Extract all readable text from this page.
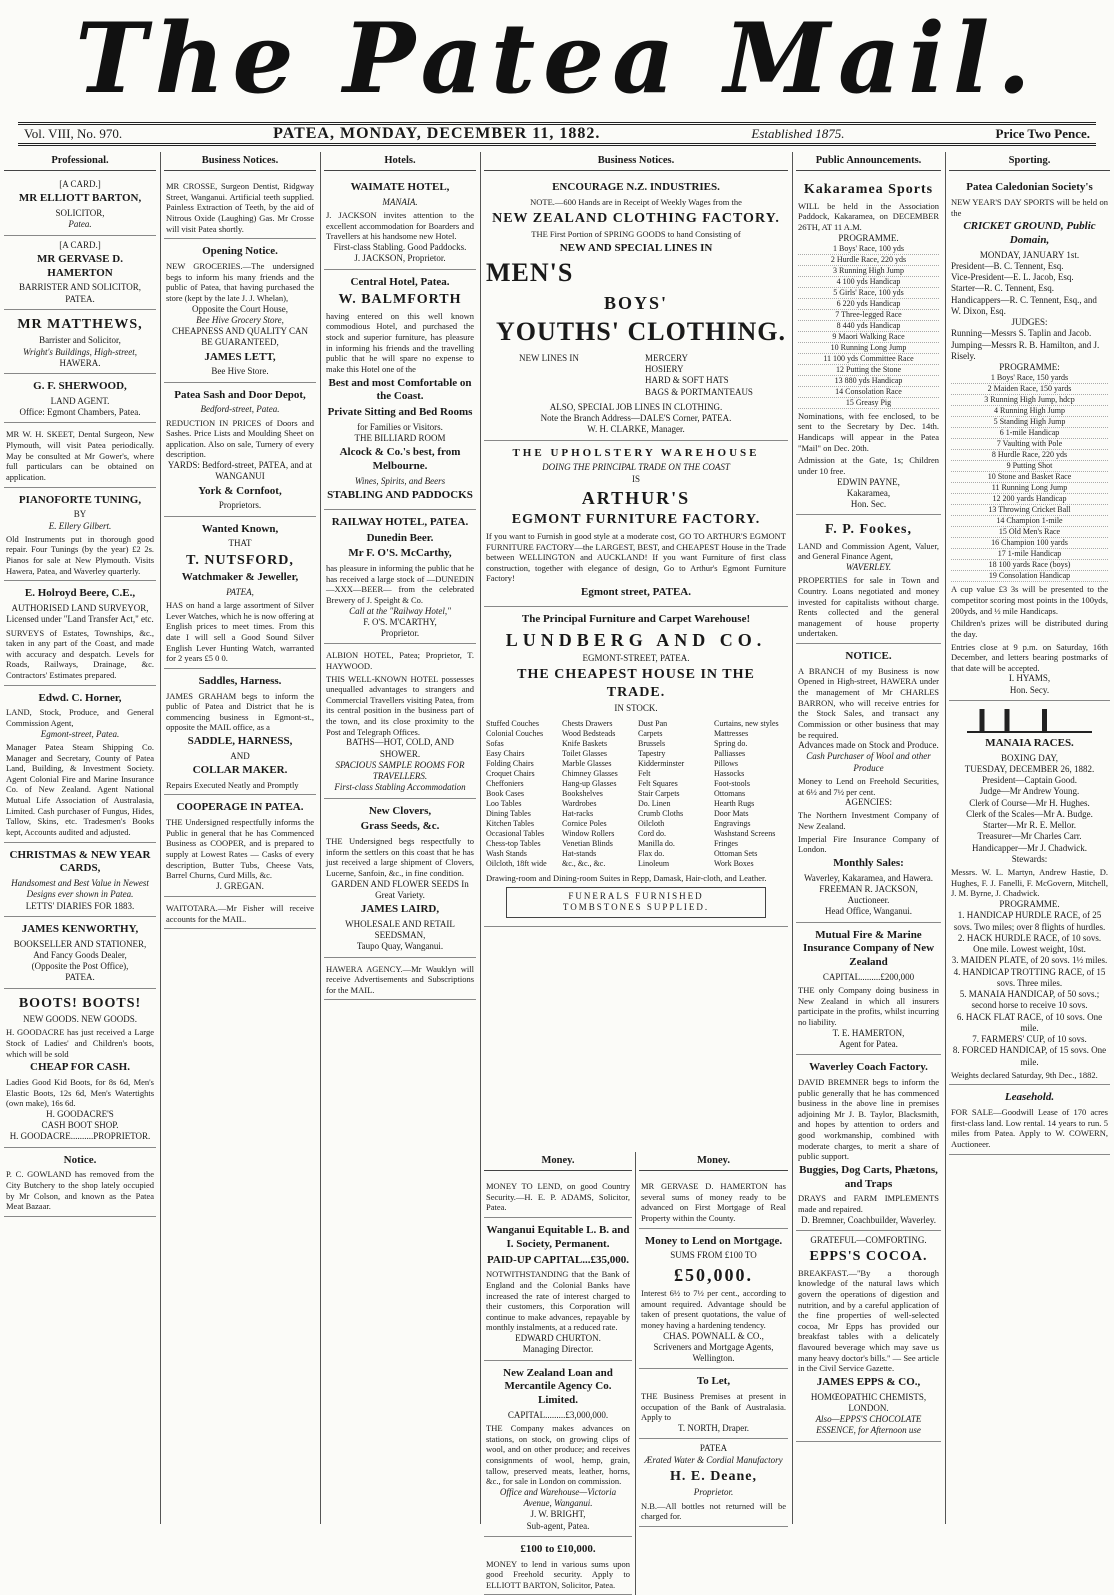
The Patea Mail.
Vol. VIII, No. 970.	PATEA, MONDAY, DECEMBER 11, 1882.	Established 1875.	Price Two Pence.
Professional.
[A CARD.]
MR ELLIOTT BARTON,
SOLICITOR,
Patea.
[A CARD.]
MR GERVASE D. HAMERTON
BARRISTER AND SOLICITOR,
PATEA.
MR MATTHEWS,
Barrister and Solicitor,
Wright's Buildings, High-street,
HAWERA.
G. F. SHERWOOD,
LAND AGENT.
Office: Egmont Chambers, Patea.
MR W. H. SKEET, Dental Surgeon, New Plymouth, will visit Patea periodically. May be consulted at Mr Gower's, where full particulars can be obtained on application.
PIANOFORTE TUNING,
BY
E. Ellery Gilbert.
Old Instruments put in thorough good repair. Four Tunings (by the year) £2 2s. Pianos for sale at New Plymouth. Visits Hawera, Patea, and Waverley quarterly.
E. Holroyd Beere, C.E.,
AUTHORISED LAND SURVEYOR,
Licensed under "Land Transfer Act," etc.
SURVEYS of Estates, Townships, &c., taken in any part of the Coast, and made with accuracy and despatch. Levels for Roads, Railways, Drainage, &c. Contractors' Estimates prepared.
Edwd. C. Horner,
LAND, Stock, Produce, and General Commission Agent,
Egmont-street, Patea.
Manager Patea Steam Shipping Co. Manager and Secretary, County of Patea Land, Building, & Investment Society. Agent Colonial Fire and Marine Insurance Co. of New Zealand. Agent National Mutual Life Association of Australasia, Limited. Cash purchaser of Fungus, Hides, Tallow, Skins, etc. Tradesmen's Books kept, Accounts audited and adjusted.
CHRISTMAS & NEW YEAR CARDS,
Handsomest and Best Value in Newest Designs ever shown in Patea.
LETTS' DIARIES FOR 1883.
JAMES KENWORTHY,
BOOKSELLER AND STATIONER,
And Fancy Goods Dealer,
(Opposite the Post Office),
PATEA.
BOOTS! BOOTS!
NEW GOODS. NEW GOODS.
H. GOODACRE has just received a Large Stock of Ladies' and Children's boots, which will be sold
CHEAP FOR CASH.
Ladies Good Kid Boots, for 8s 6d, Men's Elastic Boots, 12s 6d, Men's Watertights (own make), 16s 6d.
H. GOODACRE'S
CASH BOOT SHOP.
H. GOODACRE..........PROPRIETOR.
Notice.
P. C. GOWLAND has removed from the City Butchery to the shop lately occupied by Mr Colson, and known as the Patea Meat Bazaar.
Business Notices.
MR CROSSE, Surgeon Dentist, Ridgway Street, Wanganui. Artificial teeth supplied. Painless Extraction of Teeth, by the aid of Nitrous Oxide (Laughing) Gas. Mr Crosse will visit Patea shortly.
Opening Notice.
NEW GROCERIES.—The undersigned begs to inform his many friends and the public of Patea, that having purchased the store (kept by the late J. J. Whelan),
Opposite the Court House,
Bee Hive Grocery Store,
CHEAPNESS AND QUALITY CAN BE GUARANTEED,
JAMES LETT,
Bee Hive Store.
Patea Sash and Door Depot,
Bedford-street, Patea.
REDUCTION IN PRICES of Doors and Sashes. Price Lists and Moulding Sheet on application. Also on sale, Turnery of every description.
YARDS: Bedford-street, PATEA, and at WANGANUI
York & Cornfoot,
Proprietors.
Wanted Known,
THAT
T. NUTSFORD,
Watchmaker & Jeweller,
PATEA,
HAS on hand a large assortment of Silver Lever Watches, which he is now offering at English prices to meet times. From this date I will sell a Good Sound Silver English Lever Hunting Watch, warranted for 2 years £5 0 0.
Saddles, Harness.
JAMES GRAHAM begs to inform the public of Patea and District that he is commencing business in Egmont-st., opposite the MAIL office, as a
SADDLE, HARNESS,
AND
COLLAR MAKER.
Repairs Executed Neatly and Promptly
COOPERAGE IN PATEA.
THE Undersigned respectfully informs the Public in general that he has Commenced Business as COOPER, and is prepared to supply at Lowest Rates — Casks of every description, Butter Tubs, Cheese Vats, Barrel Churns, Curd Mills, &c.
J. GREGAN.
WAITOTARA.—Mr Fisher will receive accounts for the MAIL.
Hotels.
WAIMATE HOTEL,
MANAIA.
J. JACKSON invites attention to the excellent accommodation for Boarders and Travellers at his handsome new Hotel.
First-class Stabling. Good Paddocks.
J. JACKSON, Proprietor.
Central Hotel, Patea.
W. BALMFORTH
having entered on this well known commodious Hotel, and purchased the stock and superior furniture, has pleasure in informing his friends and the travelling public that he will spare no expense to make this Hotel one of the
Best and most Comfortable on the Coast.
Private Sitting and Bed Rooms
for Families or Visitors.
THE BILLIARD ROOM
Alcock & Co.'s best, from Melbourne.
Wines, Spirits, and Beers
STABLING AND PADDOCKS
RAILWAY HOTEL, PATEA.
Dunedin Beer.
Mr F. O'S. McCarthy,
has pleasure in informing the public that he has received a large stock of —DUNEDIN—XXX—BEER— from the celebrated Brewery of J. Speight & Co.
Call at the "Railway Hotel,"
F. O'S. M'CARTHY,
Proprietor.
ALBION HOTEL, Patea; Proprietor, T. HAYWOOD.
THIS WELL-KNOWN HOTEL possesses unequalled advantages to strangers and Commercial Travellers visiting Patea, from its central position in the business part of the town, and its close proximity to the Post and Telegraph Offices.
BATHS—HOT, COLD, AND SHOWER.
SPACIOUS SAMPLE ROOMS FOR TRAVELLERS.
First-class Stabling Accommodation
New Clovers,
Grass Seeds, &c.
THE Undersigned begs respectfully to inform the settlers on this coast that he has just received a large shipment of Clovers, Lucerne, Sanfoin, &c., in fine condition.
GARDEN AND FLOWER SEEDS In Great Variety.
JAMES LAIRD,
WHOLESALE AND RETAIL SEEDSMAN,
Taupo Quay, Wanganui.
HAWERA AGENCY.—Mr Wauklyn will receive Advertisements and Subscriptions for the MAIL.
Business Notices.
ENCOURAGE N.Z. INDUSTRIES.
NOTE.—600 Hands are in Receipt of Weekly Wages from the
NEW ZEALAND CLOTHING FACTORY.
THE First Portion of SPRING GOODS to hand Consisting of
NEW AND SPECIAL LINES IN
MEN'S
BOYS'
YOUTHS' CLOTHING.
NEW LINES IN	MERCERY
HOSIERY
HARD & SOFT HATS
BAGS & PORTMANTEAUS
ALSO, SPECIAL JOB LINES IN CLOTHING.
Note the Branch Address—DALE'S Corner, PATEA.
W. H. CLARKE, Manager.
THE UPHOLSTERY WAREHOUSE
DOING THE PRINCIPAL TRADE ON THE COAST
IS
ARTHUR'S
EGMONT FURNITURE FACTORY.
If you want to Furnish in good style at a moderate cost, GO TO ARTHUR'S EGMONT FURNITURE FACTORY—the LARGEST, BEST, and CHEAPEST House in the Trade between WELLINGTON and AUCKLAND! If you want Furniture of first class construction, together with elegance of design, Go to Arthur's Egmont Furniture Factory!
Egmont street, PATEA.
The Principal Furniture and Carpet Warehouse!
LUNDBERG AND CO.
EGMONT-STREET, PATEA.
THE CHEAPEST HOUSE IN THE TRADE.
IN STOCK.
Stuffed Couches	Chests Drawers	Dust Pan	Curtains, new styles
Colonial Couches	Wood Bedsteads	Carpets	Mattresses
Sofas	Knife Baskets	Brussels	Spring do.
Easy Chairs	Toilet Glasses	Tapestry	Palliasses
Folding Chairs	Marble Glasses	Kidderminster	Pillows
Croquet Chairs	Chimney Glasses	Felt	Hassocks
Cheffoniers	Hang-up Glasses	Felt Squares	Foot-stools
Book Cases	Bookshelves	Stair Carpets	Ottomans
Loo Tables	Wardrobes	Do. Linen	Hearth Rugs
Dining Tables	Hat-racks	Crumb Cloths	Door Mats
Kitchen Tables	Cornice Poles	Oilcloth	Engravings
Occasional Tables	Window Rollers	Cord do.	Washstand Screens
Chess-top Tables	Venetian Blinds	Manilla do.	Fringes
Wash Stands	Hat-stands	Flax do.	Ottoman Sets
Oilcloth, 18ft wide	&c., &c., &c.	Linoleum	Work Boxes
Drawing-room and Dining-room Suites in Repp, Damask, Hair-cloth, and Leather.
FUNERALS FURNISHED
TOMBSTONES SUPPLIED.
Money.
MONEY TO LEND, on good Country Security.—H. E. P. ADAMS, Solicitor, Patea.
Wanganui Equitable L. B. and I. Society, Permanent.
PAID-UP CAPITAL...£35,000.
NOTWITHSTANDING that the Bank of England and the Colonial Banks have increased the rate of interest charged to their customers, this Corporation will continue to make advances, repayable by monthly instalments, at a reduced rate.
EDWARD CHURTON.
Managing Director.
New Zealand Loan and Mercantile Agency Co. Limited.
CAPITAL.........£3,000,000.
THE Company makes advances on stations, on stock, on growing clips of wool, and on other produce; and receives consignments of wool, hemp, grain, tallow, preserved meats, leather, horns, &c., for sale in London on commission.
Office and Warehouse—Victoria Avenue, Wanganui.
J. W. BRIGHT,
Sub-agent, Patea.
£100 to £10,000.
MONEY to lend in various sums upon good Freehold security. Apply to ELLIOTT BARTON, Solicitor, Patea.
Money.
MR GERVASE D. HAMERTON has several sums of money ready to be advanced on First Mortgage of Real Property within the County.
Money to Lend on Mortgage.
SUMS FROM £100 TO
£50,000.
Interest 6½ to 7½ per cent., according to amount required. Advantage should be taken of present quotations, the value of money having a hardening tendency.
CHAS. POWNALL & CO.,
Scriveners and Mortgage Agents,
Wellington.
To Let,
THE Business Premises at present in occupation of the Bank of Australasia. Apply to
T. NORTH, Draper.
PATEA
Ærated Water & Cordial Manufactory
H. E. Deane,
Proprietor.
N.B.—All bottles not returned will be charged for.
Public Announcements.
Kakaramea Sports
WILL be held in the Association Paddock, Kakaramea, on DECEMBER 26TH, AT 11 A.M.
PROGRAMME.
1 Boys' Race, 100 yds
2 Hurdle Race, 220 yds
3 Running High Jump
4 100 yds Handicap
5 Girls' Race, 100 yds
6 220 yds Handicap
7 Three-legged Race
8 440 yds Handicap
9 Maori Walking Race
10 Running Long Jump
11 100 yds Committee Race
12 Putting the Stone
13 880 yds Handicap
14 Consolation Race
15 Greasy Pig
Nominations, with fee enclosed, to be sent to the Secretary by Dec. 14th. Handicaps will appear in the Patea "Mail" on Dec. 20th.
Admission at the Gate, 1s; Children under 10 free.
EDWIN PAYNE,
Kakaramea,
Hon. Sec.
F. P. Fookes,
LAND and Commission Agent, Valuer, and General Finance Agent,
WAVERLEY.
PROPERTIES for sale in Town and Country. Loans negotiated and money invested for capitalists without charge. Rents collected and the general management of house property undertaken.
NOTICE.
A BRANCH of my Business is now Opened in High-street, HAWERA under the management of Mr CHARLES BARRON, who will receive entries for the Stock Sales, and transact any Commission or other business that may be required.
Advances made on Stock and Produce.
Cash Purchaser of Wool and other Produce
Money to Lend on Freehold Securities, at 6½ and 7½ per cent.
AGENCIES:
The Northern Investment Company of New Zealand.
Imperial Fire Insurance Company of London.
Monthly Sales:
Waverley, Kakaramea, and Hawera.
FREEMAN R. JACKSON,
Auctioneer.
Head Office, Wanganui.
Mutual Fire & Marine Insurance Company of New Zealand
CAPITAL.........£200,000
THE only Company doing business in New Zealand in which all insurers participate in the profits, whilst incurring no liability.
T. E. HAMERTON,
Agent for Patea.
Waverley Coach Factory.
DAVID BREMNER begs to inform the public generally that he has commenced business in the above line in premises adjoining Mr J. B. Taylor, Blacksmith, and hopes by attention to orders and good workmanship, combined with moderate charges, to merit a share of public support.
Buggies, Dog Carts, Phætons, and Traps
DRAYS and FARM IMPLEMENTS made and repaired.
D. Bremner, Coachbuilder, Waverley.
GRATEFUL—COMFORTING.
EPPS'S COCOA.
BREAKFAST.—"By a thorough knowledge of the natural laws which govern the operations of digestion and nutrition, and by a careful application of the fine properties of well-selected cocoa, Mr Epps has provided our breakfast tables with a delicately flavoured beverage which may save us many heavy doctor's bills." — See article in the Civil Service Gazette.
JAMES EPPS & CO.,
HOMŒOPATHIC CHEMISTS,
LONDON.
Also—EPPS'S CHOCOLATE ESSENCE, for Afternoon use
Sporting.
Patea Caledonian Society's
NEW YEAR'S DAY SPORTS will be held on the
CRICKET GROUND, Public Domain,
MONDAY, JANUARY 1st.
President—B. C. Tennent, Esq.
Vice-President—E. L. Jacob, Esq.
Starter—R. C. Tennent, Esq.
Handicappers—R. C. Tennent, Esq., and W. Dixon, Esq.
JUDGES:
Running—Messrs S. Taplin and Jacob.
Jumping—Messrs R. B. Hamilton, and J. Risely.
PROGRAMME:
1 Boys' Race, 150 yards
2 Maiden Race, 150 yards
3 Running High Jump, hdcp
4 Running High Jump
5 Standing High Jump
6 1-mile Handicap
7 Vaulting with Pole
8 Hurdle Race, 220 yds
9 Putting Shot
10 Stone and Basket Race
11 Running Long Jump
12 200 yards Handicap
13 Throwing Cricket Ball
14 Champion 1-mile
15 Old Men's Race
16 Champion 100 yards
17 1-mile Handicap
18 100 yards Race (boys)
19 Consolation Handicap
A cup value £3 3s will be presented to the competitor scoring most points in the 100yds, 200yds, and ½ mile Handicaps.
Children's prizes will be distributed during the day.
Entries close at 9 p.m. on Saturday, 16th December, and letters bearing postmarks of that date will be accepted.
I. HYAMS,
Hon. Secy.
MANAIA RACES.
BOXING DAY,
TUESDAY, DECEMBER 26, 1882.
President—Captain Good.
Judge—Mr Andrew Young.
Clerk of Course—Mr H. Hughes.
Clerk of the Scales—Mr A. Budge.
Starter—Mr R. E. Mellor.
Treasurer—Mr Charles Carr.
Handicapper—Mr J. Chadwick.
Stewards:
Messrs. W. L. Martyn, Andrew Hastie, D. Hughes, F. J. Fanelli, F. McGovern, Mitchell, J. M. Byrne, J. Chadwick.
PROGRAMME.
1. HANDICAP HURDLE RACE, of 25 sovs. Two miles; over 8 flights of hurdles.
2. HACK HURDLE RACE, of 10 sovs. One mile. Lowest weight, 10st.
3. MAIDEN PLATE, of 20 sovs. 1½ miles.
4. HANDICAP TROTTING RACE, of 15 sovs. Three miles.
5. MANAIA HANDICAP, of 50 sovs.; second horse to receive 10 sovs.
6. HACK FLAT RACE, of 10 sovs. One mile.
7. FARMERS' CUP, of 10 sovs.
8. FORCED HANDICAP, of 15 sovs. One mile.
Weights declared Saturday, 9th Dec., 1882.
Leasehold.
FOR SALE—Goodwill Lease of 170 acres first-class land. Low rental. 14 years to run. 5 miles from Patea. Apply to W. COWERN, Auctioneer.
